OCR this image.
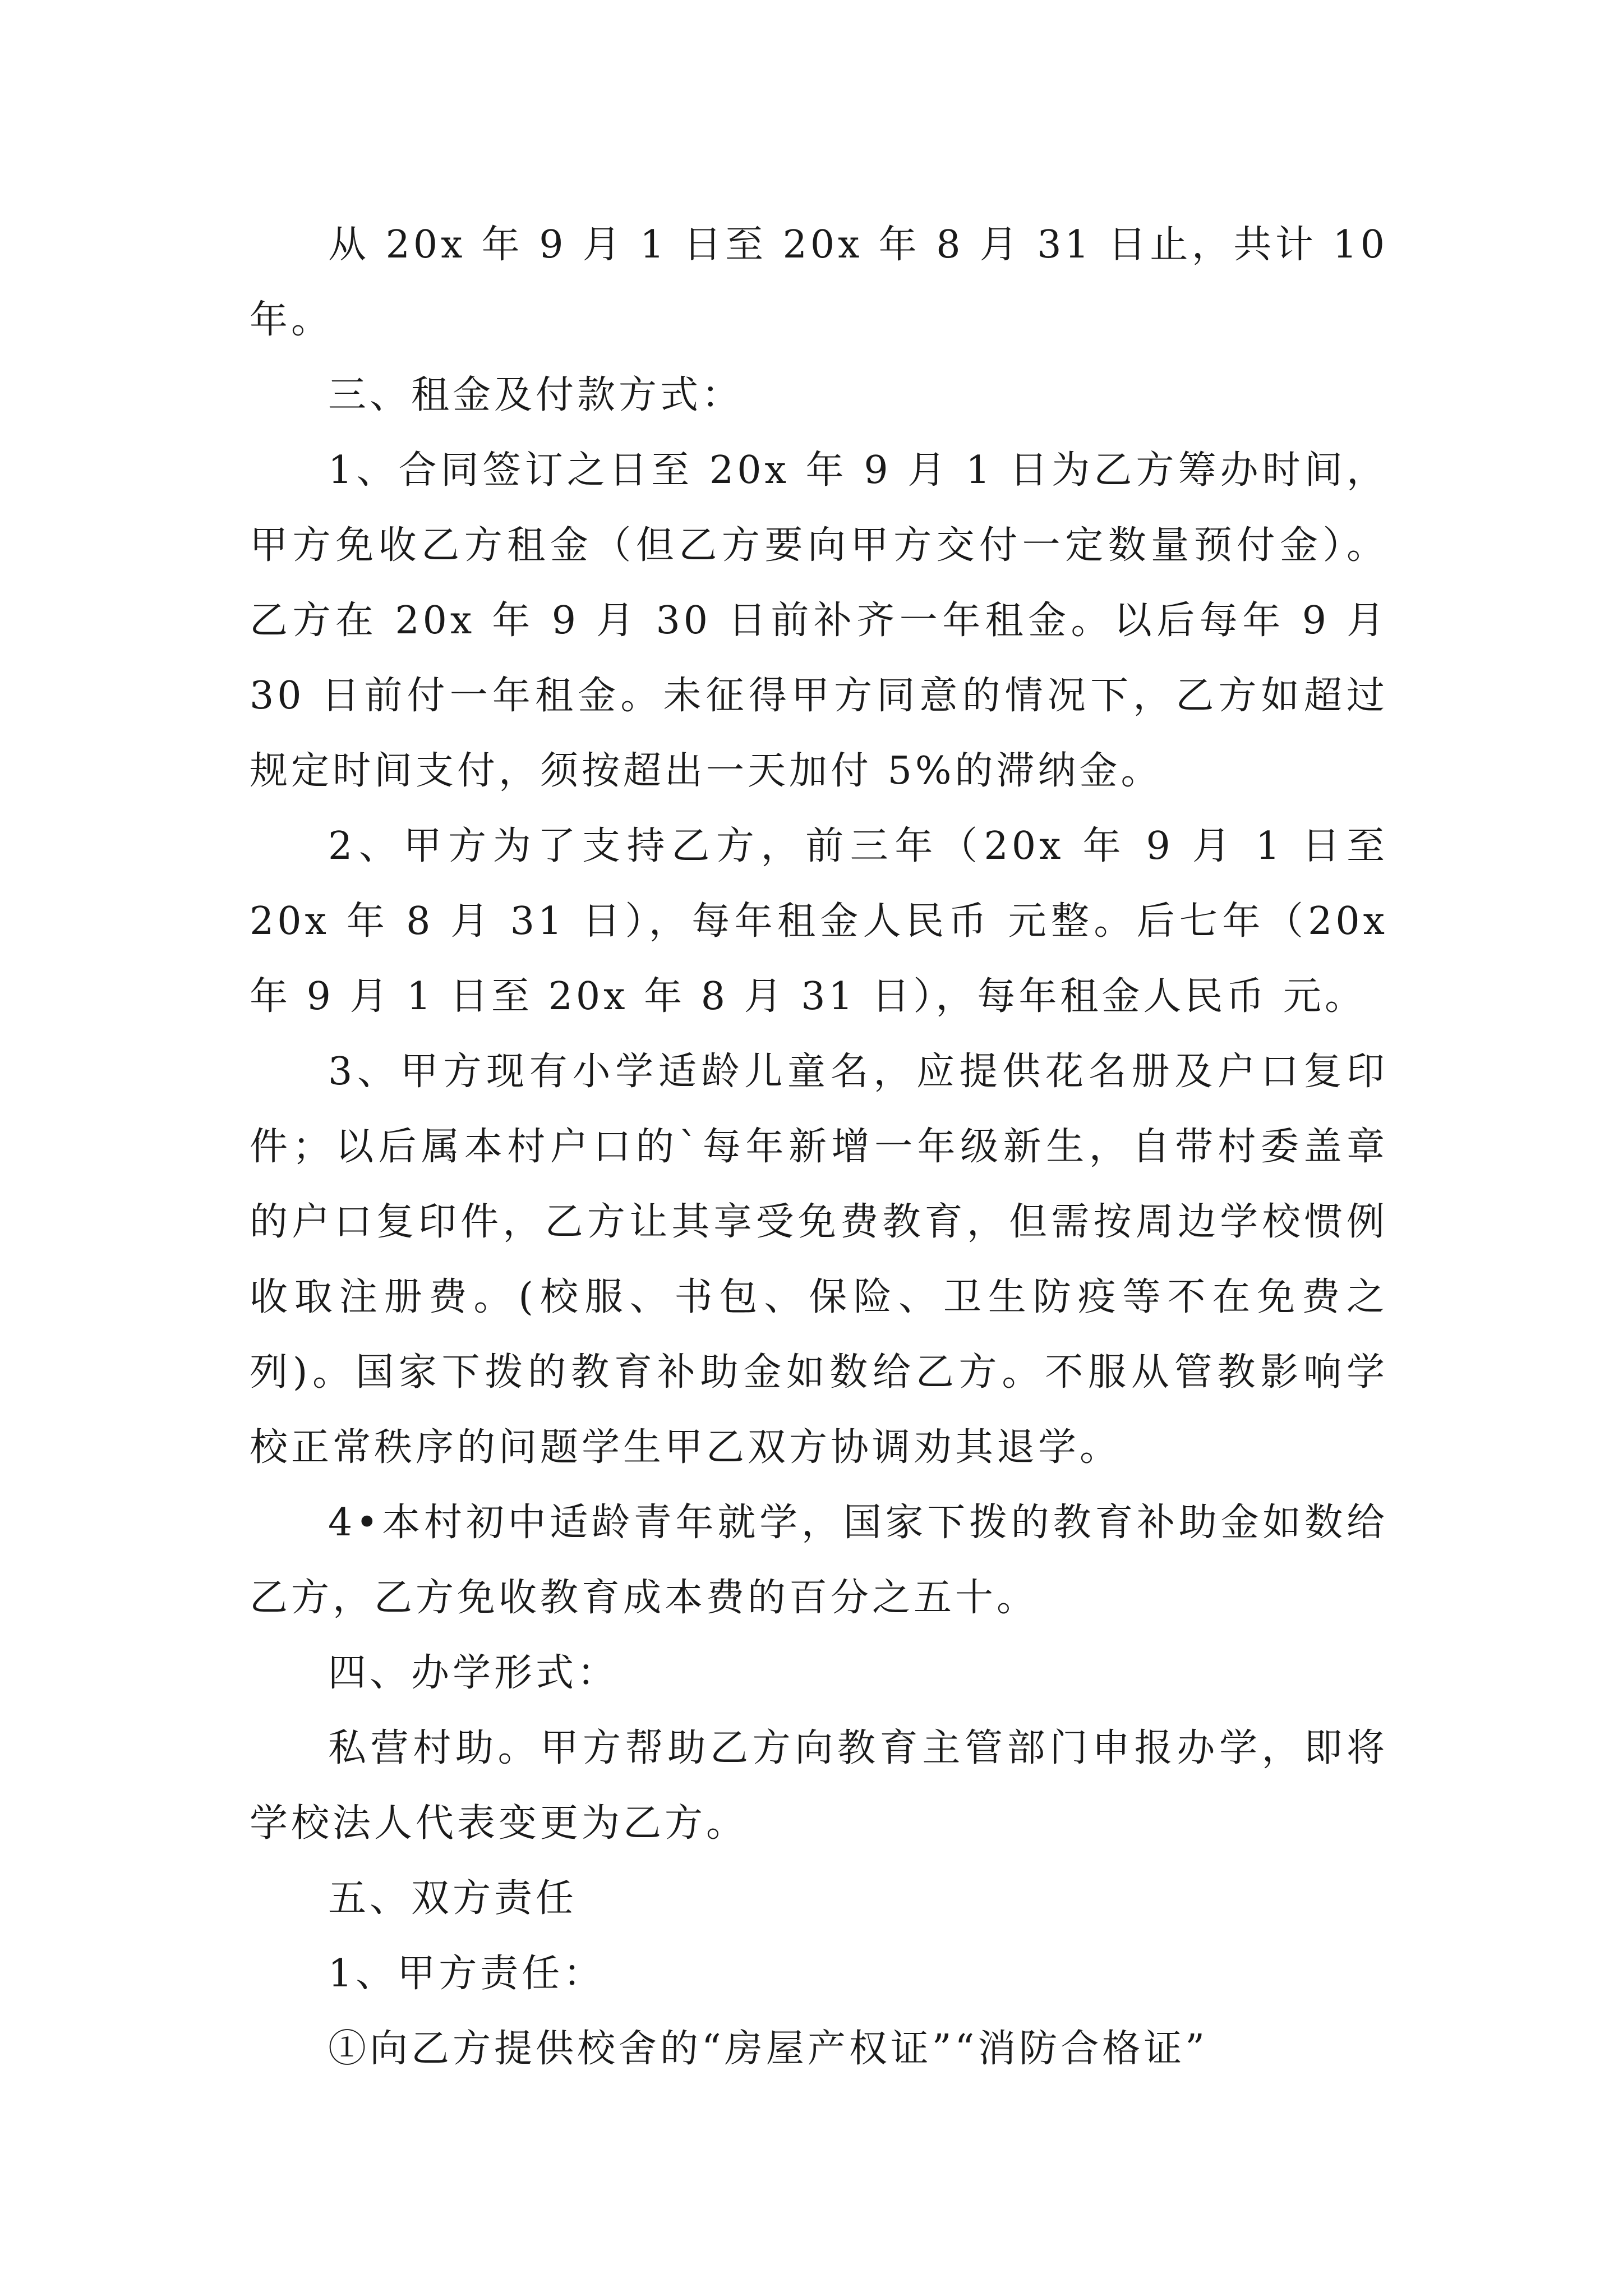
从 20x 年 9 月 1 日至 20x 年 8 月 31 日止，共计 10 年。

三、租金及付款方式：

1、合同签订之日至 20x 年 9 月 1 日为乙方筹办时间，甲方免收乙方租金（但乙方要向甲方交付一定数量预付金）。乙方在 20x 年 9 月 30 日前补齐一年租金。以后每年 9 月 30 日前付一年租金。未征得甲方同意的情况下，乙方如超过规定时间支付，须按超出一天加付 5%的滞纳金。

2、甲方为了支持乙方，前三年（20x 年 9 月 1 日至 20x 年 8 月 31 日），每年租金人民币 元整。后七年（20x 年 9 月 1 日至 20x 年 8 月 31 日），每年租金人民币 元。

3、甲方现有小学适龄儿童名，应提供花名册及户口复印件；以后属本村户口的`每年新增一年级新生，自带村委盖章的户口复印件，乙方让其享受免费教育，但需按周边学校惯例收取注册费。(校服、书包、保险、卫生防疫等不在免费之列)。国家下拨的教育补助金如数给乙方。不服从管教影响学校正常秩序的问题学生甲乙双方协调劝其退学。

4•本村初中适龄青年就学，国家下拨的教育补助金如数给乙方，乙方免收教育成本费的百分之五十。

四、办学形式：

私营村助。甲方帮助乙方向教育主管部门申报办学，即将学校法人代表变更为乙方。

五、双方责任

1、甲方责任：

①向乙方提供校舍的“房屋产权证”“消防合格证”
